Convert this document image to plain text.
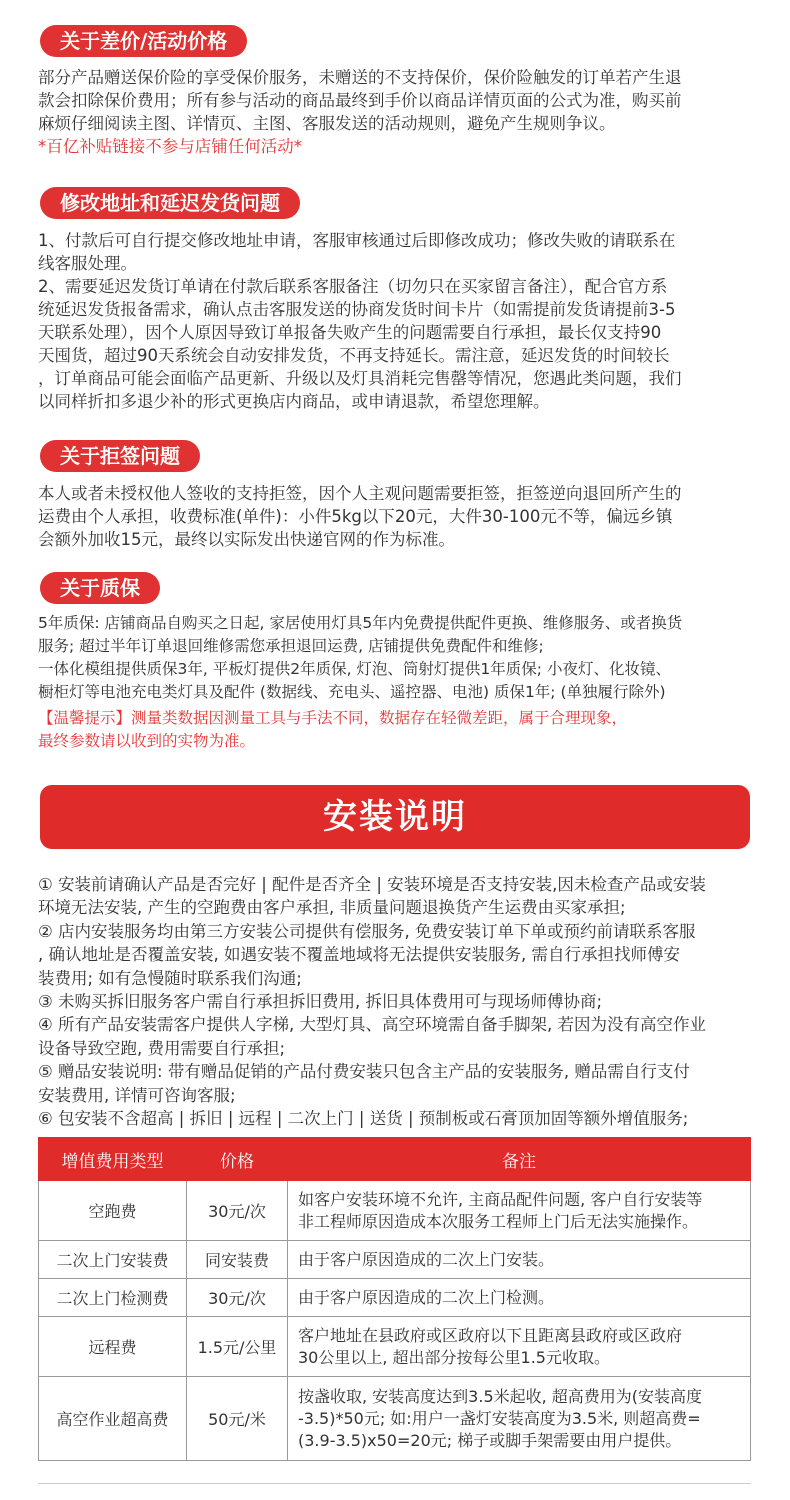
关于差价/活动价格
部分产品赠送保价险的享受保价服务，未赠送的不支持保价，保价险触发的订单若产生退
款会扣除保价费用；所有参与活动的商品最终到手价以商品详情页面的公式为准，购买前
麻烦仔细阅读主图、详情页、主图、客服发送的活动规则，避免产生规则争议。
*百亿补贴链接不参与店铺任何活动*
修改地址和延迟发货问题
1、付款后可自行提交修改地址申请，客服审核通过后即修改成功；修改失败的请联系在
线客服处理。
2、需要延迟发货订单请在付款后联系客服备注（切勿只在买家留言备注），配合官方系
统延迟发货报备需求，确认点击客服发送的协商发货时间卡片（如需提前发货请提前3-5
天联系处理），因个人原因导致订单报备失败产生的问题需要自行承担，最长仅支持90
天囤货，超过90天系统会自动安排发货，不再支持延长。需注意，延迟发货的时间较长
，订单商品可能会面临产品更新、升级以及灯具消耗完售罄等情况，您遇此类问题，我们
以同样折扣多退少补的形式更换店内商品，或申请退款，希望您理解。
关于拒签问题
本人或者未授权他人签收的支持拒签，因个人主观问题需要拒签，拒签逆向退回所产生的
运费由个人承担，收费标准(单件)：小件5kg以下20元，大件30-100元不等，偏远乡镇
会额外加收15元，最终以实际发出快递官网的作为标准。
关于质保
5年质保: 店铺商品自购买之日起, 家居使用灯具5年内免费提供配件更换、维修服务、或者换货
服务; 超过半年订单退回维修需您承担退回运费, 店铺提供免费配件和维修;
一体化模组提供质保3年, 平板灯提供2年质保, 灯泡、筒射灯提供1年质保; 小夜灯、化妆镜、
橱柜灯等电池充电类灯具及配件 (数据线、充电头、遥控器、电池) 质保1年; (单独履行除外)
【温馨提示】测量类数据因测量工具与手法不同，数据存在轻微差距，属于合理现象，
最终参数请以收到的实物为准。
安装说明
① 安装前请确认产品是否完好 | 配件是否齐全 | 安装环境是否支持安装,因未检查产品或安装
环境无法安装, 产生的空跑费由客户承担, 非质量问题退换货产生运费由买家承担;
② 店内安装服务均由第三方安装公司提供有偿服务, 免费安装订单下单或预约前请联系客服
, 确认地址是否覆盖安装, 如遇安装不覆盖地域将无法提供安装服务, 需自行承担找师傅安
装费用; 如有急慢随时联系我们沟通;
③ 未购买拆旧服务客户需自行承担拆旧费用, 拆旧具体费用可与现场师傅协商;
④ 所有产品安装需客户提供人字梯, 大型灯具、高空环境需自备手脚架, 若因为没有高空作业
设备导致空跑, 费用需要自行承担;
⑤ 赠品安装说明: 带有赠品促销的产品付费安装只包含主产品的安装服务, 赠品需自行支付
安装费用, 详情可咨询客服;
⑥ 包安装不含超高 | 拆旧 | 远程 | 二次上门 | 送货 | 预制板或石膏顶加固等额外增值服务;
增值费用类型	价格	备注
空跑费	30元/次	如客户安装环境不允许, 主商品配件问题, 客户自行安装等
非工程师原因造成本次服务工程师上门后无法实施操作。

二次上门安装费	同安装费	由于客户原因造成的二次上门安装。

二次上门检测费	30元/次	由于客户原因造成的二次上门检测。

远程费	1.5元/公里	客户地址在县政府或区政府以下且距离县政府或区政府
30公里以上, 超出部分按每公里1.5元收取。

高空作业超高费	50元/米	按盏收取, 安装高度达到3.5米起收, 超高费用为(安装高度
-3.5)*50元; 如:用户一盏灯安装高度为3.5米, 则超高费=
(3.9-3.5)x50=20元; 梯子或脚手架需要由用户提供。
